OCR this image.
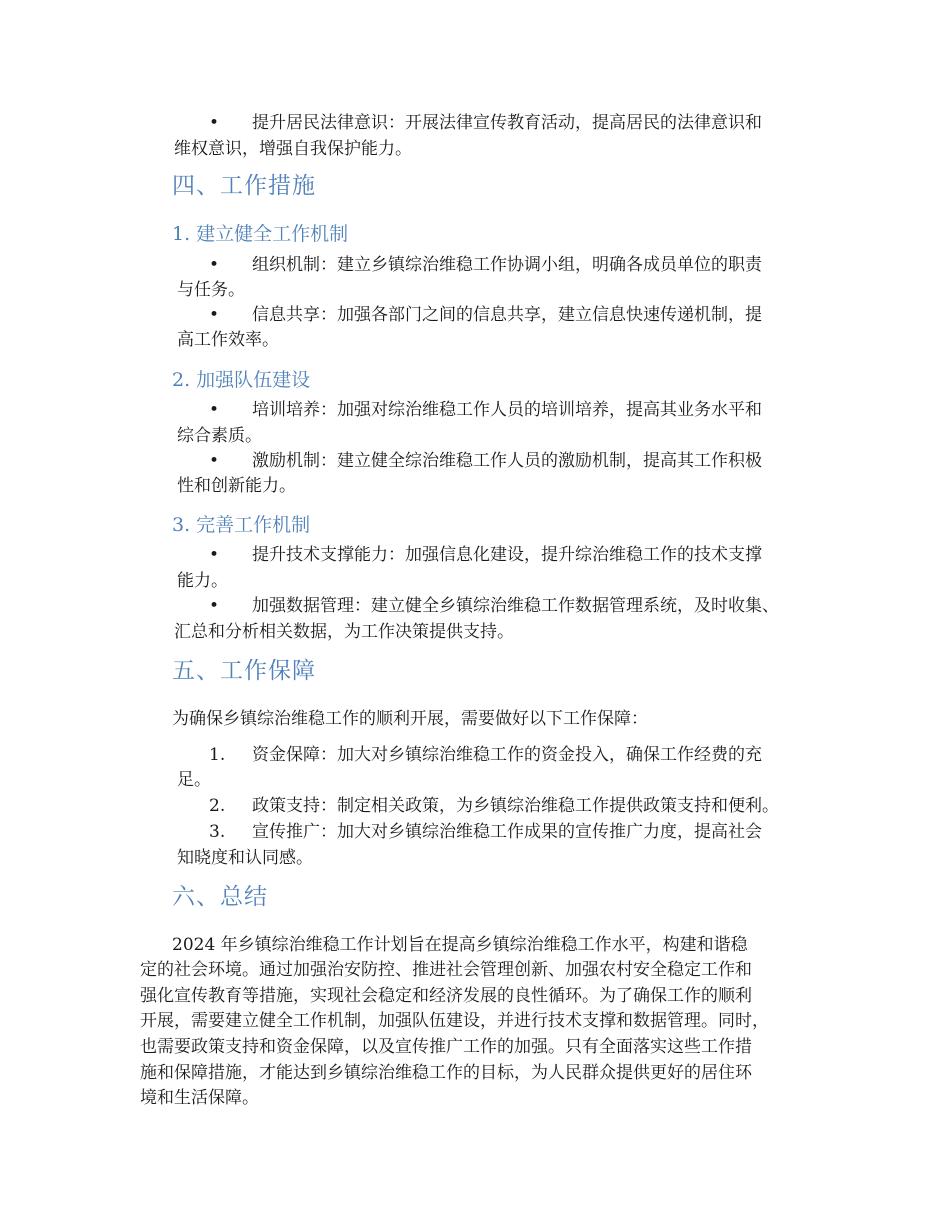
• 提升居民法律意识：开展法律宣传教育活动，提高居民的法律意识和
维权意识，增强自我保护能力。
四、工作措施
1. 建立健全工作机制
• 组织机制：建立乡镇综治维稳工作协调小组，明确各成员单位的职责
与任务。
• 信息共享：加强各部门之间的信息共享，建立信息快速传递机制，提
高工作效率。
2. 加强队伍建设
• 培训培养：加强对综治维稳工作人员的培训培养，提高其业务水平和
综合素质。
• 激励机制：建立健全综治维稳工作人员的激励机制，提高其工作积极
性和创新能力。
3. 完善工作机制
• 提升技术支撑能力：加强信息化建设，提升综治维稳工作的技术支撑
能力。
• 加强数据管理：建立健全乡镇综治维稳工作数据管理系统，及时收集、
汇总和分析相关数据，为工作决策提供支持。
五、工作保障
为确保乡镇综治维稳工作的顺利开展，需要做好以下工作保障：
1. 资金保障：加大对乡镇综治维稳工作的资金投入，确保工作经费的充
足。
2. 政策支持：制定相关政策，为乡镇综治维稳工作提供政策支持和便利。
3. 宣传推广：加大对乡镇综治维稳工作成果的宣传推广力度，提高社会
知晓度和认同感。
六、总结
2024 年乡镇综治维稳工作计划旨在提高乡镇综治维稳工作水平，构建和谐稳
定的社会环境。通过加强治安防控、推进社会管理创新、加强农村安全稳定工作和
强化宣传教育等措施，实现社会稳定和经济发展的良性循环。为了确保工作的顺利
开展，需要建立健全工作机制，加强队伍建设，并进行技术支撑和数据管理。同时，
也需要政策支持和资金保障，以及宣传推广工作的加强。只有全面落实这些工作措
施和保障措施，才能达到乡镇综治维稳工作的目标，为人民群众提供更好的居住环
境和生活保障。
